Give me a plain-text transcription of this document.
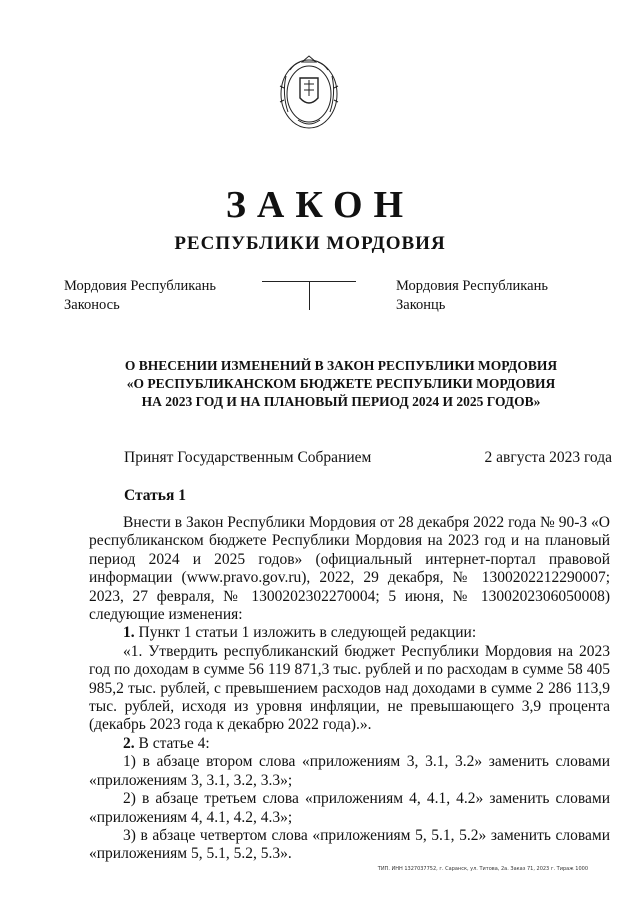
ЗАКОН
РЕСПУБЛИКИ МОРДОВИЯ
Мордовия Республикань
Законось
Мордовия Республикань
Законць
О ВНЕСЕНИИ ИЗМЕНЕНИЙ В ЗАКОН РЕСПУБЛИКИ МОРДОВИЯ
«О РЕСПУБЛИКАНСКОМ БЮДЖЕТЕ РЕСПУБЛИКИ МОРДОВИЯ
НА 2023 ГОД И НА ПЛАНОВЫЙ ПЕРИОД 2024 И 2025 ГОДОВ»
Принят Государственным Собранием	2 августа 2023 года
Статья 1

Внести в Закон Республики Мордовия от 28 декабря 2022 года № 90-З «О республиканском бюджете Республики Мордовия на 2023 год и на плановый период 2024 и 2025 годов» (официальный интернет-портал правовой информации (www.pravo.gov.ru), 2022, 29 декабря, № 1300202212290007; 2023, 27 февраля, № 1300202302270004; 5 июня, № 1300202306050008) следующие изменения:

1. Пункт 1 статьи 1 изложить в следующей редакции:

«1. Утвердить республиканский бюджет Республики Мордовия на 2023 год по доходам в сумме 56 119 871,3 тыс. рублей и по расходам в сумме 58 405 985,2 тыс. рублей, с превышением расходов над доходами в сумме 2 286 113,9 тыс. рублей, исходя из уровня инфляции, не превышающего 3,9 процента (декабрь 2023 года к декабрю 2022 года).».

2. В статье 4:

1) в абзаце втором слова «приложениям 3, 3.1, 3.2» заменить словами «приложениям 3, 3.1, 3.2, 3.3»;

2) в абзаце третьем слова «приложениям 4, 4.1, 4.2» заменить словами «приложениям 4, 4.1, 4.2, 4.3»;

3) в абзаце четвертом слова «приложениям 5, 5.1, 5.2» заменить словами «приложениям 5, 5.1, 5.2, 5.3».

ТИП. ИНН 1327037752, г. Саранск, ул. Титова, 2а. Заказ 71, 2023 г. Тираж 1000
